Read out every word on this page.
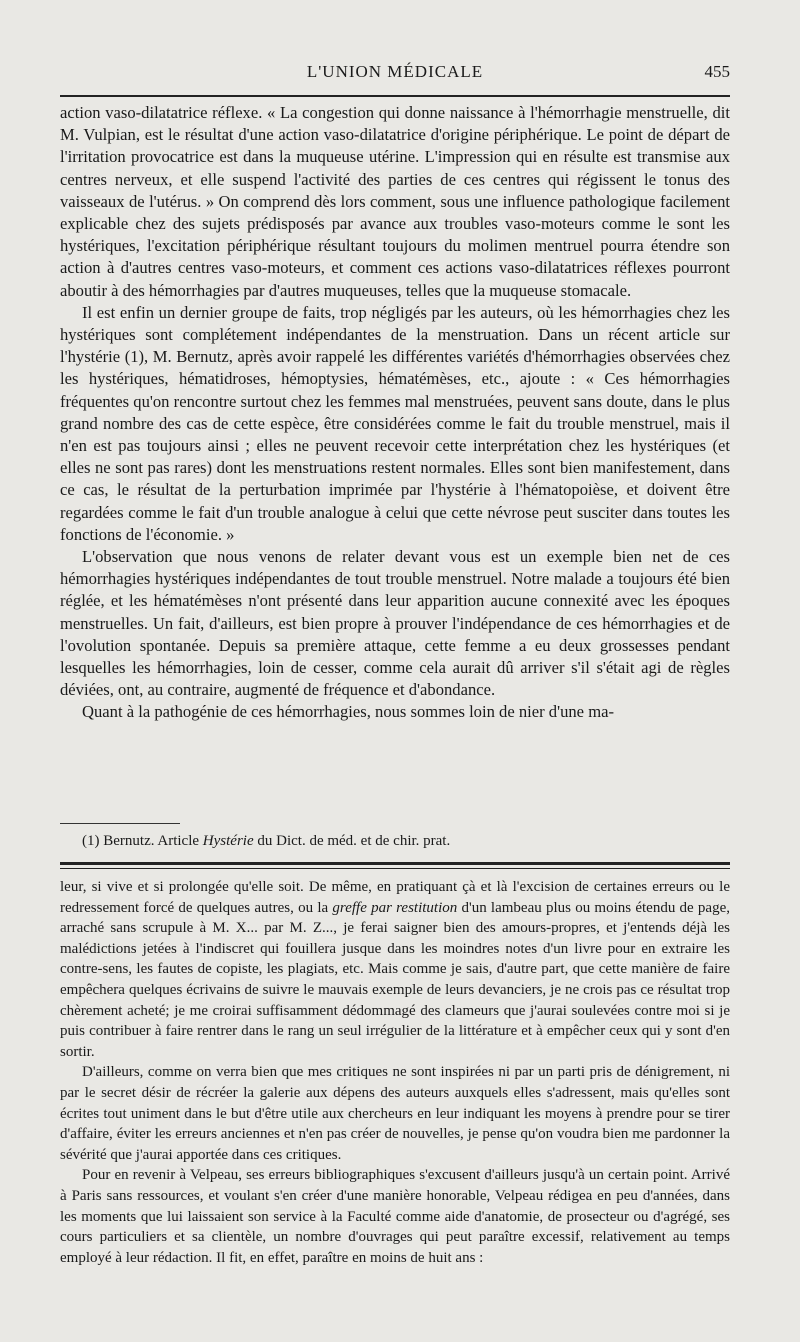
L'UNION MÉDICALE	455

action vaso-dilatatrice réflexe. « La congestion qui donne naissance à l'hémorrhagie menstruelle, dit M. Vulpian, est le résultat d'une action vaso-dilatatrice d'origine périphérique. Le point de départ de l'irritation provocatrice est dans la muqueuse utérine. L'impression qui en résulte est transmise aux centres nerveux, et elle suspend l'activité des parties de ces centres qui régissent le tonus des vaisseaux de l'utérus. » On comprend dès lors comment, sous une influence pathologique facilement explicable chez des sujets prédisposés par avance aux troubles vaso-moteurs comme le sont les hystériques, l'excitation périphérique résultant toujours du molimen mentruel pourra étendre son action à d'autres centres vaso-moteurs, et comment ces actions vaso-dilatatrices réflexes pourront aboutir à des hémorrhagies par d'autres muqueuses, telles que la muqueuse stomacale.

Il est enfin un dernier groupe de faits, trop négligés par les auteurs, où les hémorrhagies chez les hystériques sont complétement indépendantes de la menstruation. Dans un récent article sur l'hystérie (1), M. Bernutz, après avoir rappelé les différentes variétés d'hémorrhagies observées chez les hystériques, hématidroses, hémoptysies, hématémèses, etc., ajoute : « Ces hémorrhagies fréquentes qu'on rencontre surtout chez les femmes mal menstruées, peuvent sans doute, dans le plus grand nombre des cas de cette espèce, être considérées comme le fait du trouble menstruel, mais il n'en est pas toujours ainsi ; elles ne peuvent recevoir cette interprétation chez les hystériques (et elles ne sont pas rares) dont les menstruations restent normales. Elles sont bien manifestement, dans ce cas, le résultat de la perturbation imprimée par l'hystérie à l'hématopoièse, et doivent être regardées comme le fait d'un trouble analogue à celui que cette névrose peut susciter dans toutes les fonctions de l'économie. »

L'observation que nous venons de relater devant vous est un exemple bien net de ces hémorrhagies hystériques indépendantes de tout trouble menstruel. Notre malade a toujours été bien réglée, et les hématémèses n'ont présenté dans leur apparition aucune connexité avec les époques menstruelles. Un fait, d'ailleurs, est bien propre à prouver l'indépendance de ces hémorrhagies et de l'ovolution spontanée. Depuis sa première attaque, cette femme a eu deux grossesses pendant lesquelles les hémorrhagies, loin de cesser, comme cela aurait dû arriver s'il s'était agi de règles déviées, ont, au contraire, augmenté de fréquence et d'abondance.

Quant à la pathogénie de ces hémorrhagies, nous sommes loin de nier d'une ma-

(1) Bernutz. Article Hystérie du Dict. de méd. et de chir. prat.

leur, si vive et si prolongée qu'elle soit. De même, en pratiquant çà et là l'excision de certaines erreurs ou le redressement forcé de quelques autres, ou la greffe par restitution d'un lambeau plus ou moins étendu de page, arraché sans scrupule à M. X... par M. Z..., je ferai saigner bien des amours-propres, et j'entends déjà les malédictions jetées à l'indiscret qui fouillera jusque dans les moindres notes d'un livre pour en extraire les contre-sens, les fautes de copiste, les plagiats, etc. Mais comme je sais, d'autre part, que cette manière de faire empêchera quelques écrivains de suivre le mauvais exemple de leurs devanciers, je ne crois pas ce résultat trop chèrement acheté; je me croirai suffisamment dédommagé des clameurs que j'aurai soulevées contre moi si je puis contribuer à faire rentrer dans le rang un seul irrégulier de la littérature et à empêcher ceux qui y sont d'en sortir.

D'ailleurs, comme on verra bien que mes critiques ne sont inspirées ni par un parti pris de dénigrement, ni par le secret désir de récréer la galerie aux dépens des auteurs auxquels elles s'adressent, mais qu'elles sont écrites tout uniment dans le but d'être utile aux chercheurs en leur indiquant les moyens à prendre pour se tirer d'affaire, éviter les erreurs anciennes et n'en pas créer de nouvelles, je pense qu'on voudra bien me pardonner la sévérité que j'aurai apportée dans ces critiques.

Pour en revenir à Velpeau, ses erreurs bibliographiques s'excusent d'ailleurs jusqu'à un certain point. Arrivé à Paris sans ressources, et voulant s'en créer d'une manière honorable, Velpeau rédigea en peu d'années, dans les moments que lui laissaient son service à la Faculté comme aide d'anatomie, de prosecteur ou d'agrégé, ses cours particuliers et sa clientèle, un nombre d'ouvrages qui peut paraître excessif, relativement au temps employé à leur rédaction. Il fit, en effet, paraître en moins de huit ans :
